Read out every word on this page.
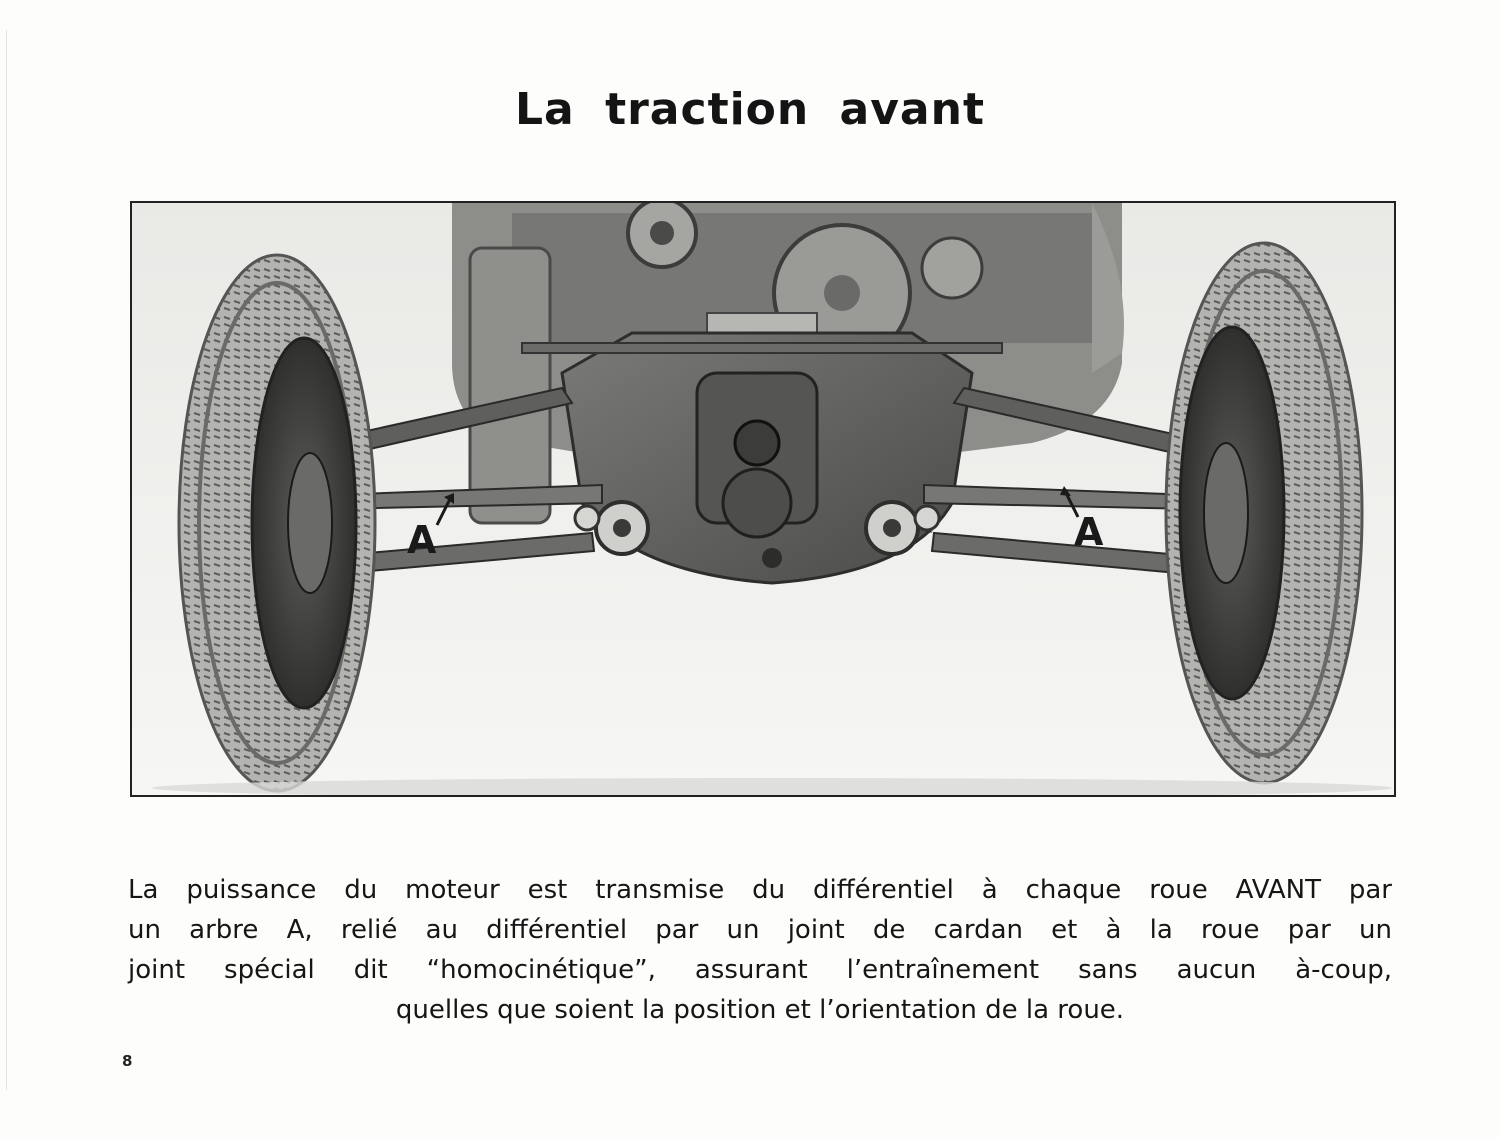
La traction avant
A	A
La puissance du moteur est transmise du différentiel à chaque roue AVANT par
un arbre A, relié au différentiel par un joint de cardan et à la roue par un
joint spécial dit “homocinétique”, assurant l’entraînement sans aucun à-coup,
quelles que soient la position et l’orientation de la roue.
8
